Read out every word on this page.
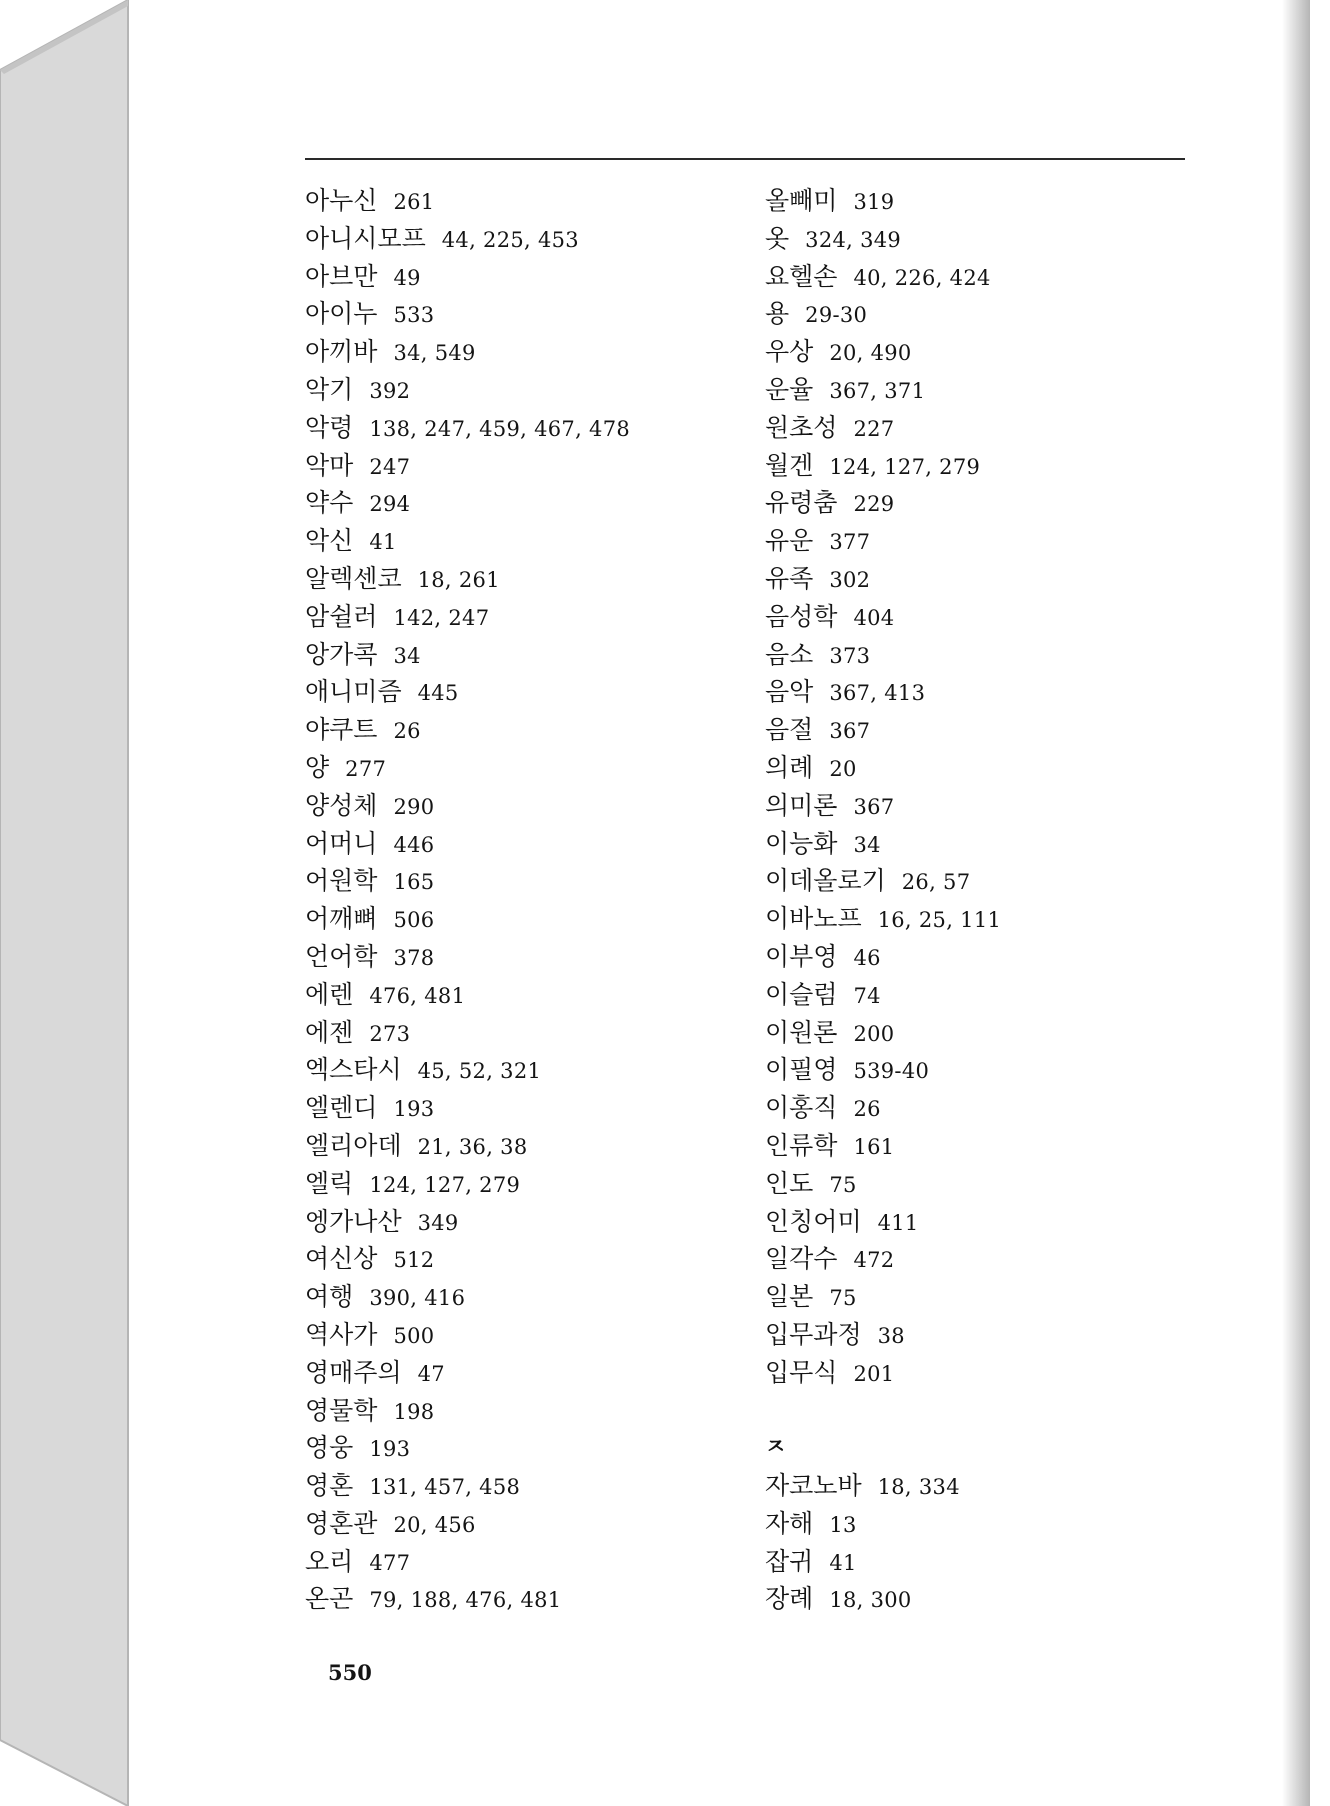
아누신 261
아니시모프 44, 225, 453
아브만 49
아이누 533
아끼바 34, 549
악기 392
악령 138, 247, 459, 467, 478
악마 247
약수 294
악신 41
알렉센코 18, 261
암쉴러 142, 247
앙가콕 34
애니미즘 445
야쿠트 26
양 277
양성체 290
어머니 446
어원학 165
어깨뼈 506
언어학 378
에렌 476, 481
에젠 273
엑스타시 45, 52, 321
엘렌디 193
엘리아데 21, 36, 38
엘릭 124, 127, 279
엥가나산 349
여신상 512
여행 390, 416
역사가 500
영매주의 47
영물학 198
영웅 193
영혼 131, 457, 458
영혼관 20, 456
오리 477
온곤 79, 188, 476, 481
올빼미 319
옷 324, 349
요헬손 40, 226, 424
용 29-30
우상 20, 490
운율 367, 371
원초성 227
월겐 124, 127, 279
유령춤 229
유운 377
유족 302
음성학 404
음소 373
음악 367, 413
음절 367
의례 20
의미론 367
이능화 34
이데올로기 26, 57
이바노프 16, 25, 111
이부영 46
이슬럼 74
이원론 200
이필영 539-40
이홍직 26
인류학 161
인도 75
인칭어미 411
일각수 472
일본 75
입무과정 38
입무식 201
ㅈ
자코노바 18, 334
자해 13
잡귀 41
장례 18, 300
550
